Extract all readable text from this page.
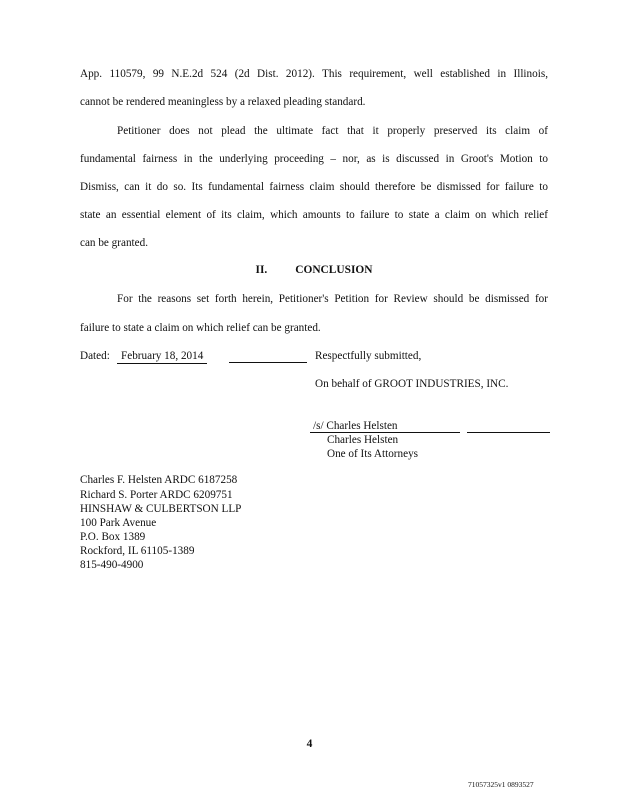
App. 110579, 99 N.E.2d 524 (2d Dist. 2012). This requirement, well established in Illinois,
cannot be rendered meaningless by a relaxed pleading standard.
Petitioner does not plead the ultimate fact that it properly preserved its claim of
fundamental fairness in the underlying proceeding – nor, as is discussed in Groot's Motion to
Dismiss, can it do so. Its fundamental fairness claim should therefore be dismissed for failure to
state an essential element of its claim, which amounts to failure to state a claim on which relief
can be granted.
II. CONCLUSION
For the reasons set forth herein, Petitioner's Petition for Review should be dismissed for
failure to state a claim on which relief can be granted.
Dated: February 18, 2014	Respectfully submitted,
On behalf of GROOT INDUSTRIES, INC.
/s/ Charles Helsten
Charles Helsten
One of Its Attorneys
Charles F. Helsten ARDC 6187258
Richard S. Porter ARDC 6209751
HINSHAW & CULBERTSON LLP
100 Park Avenue
P.O. Box 1389
Rockford, IL 61105-1389
815-490-4900
4
71057325v1 0893527
